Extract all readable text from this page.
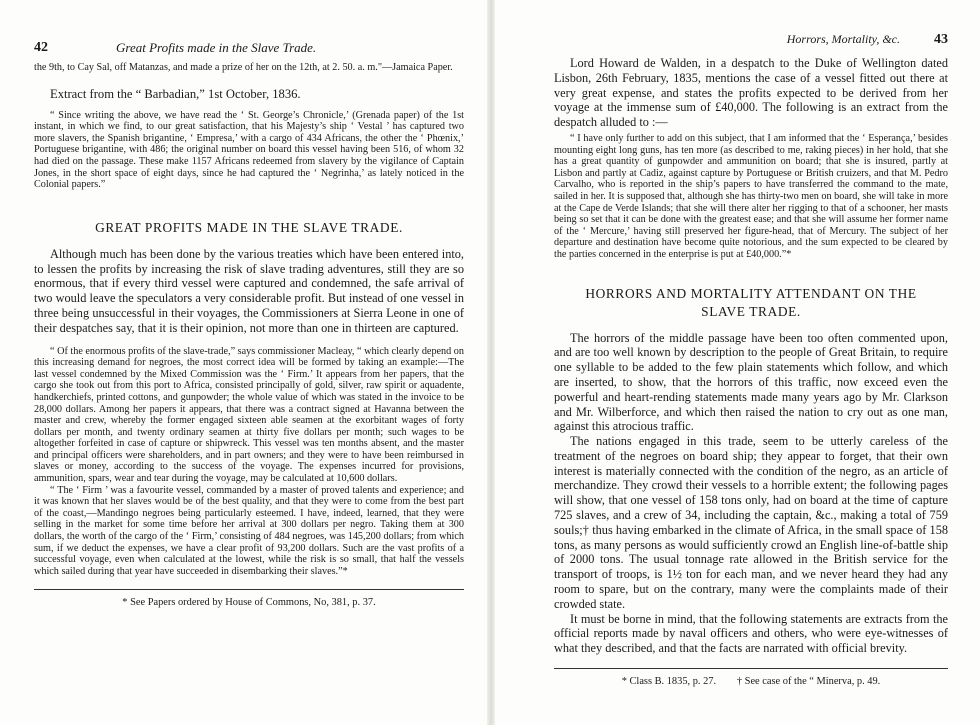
42	Great Profits made in the Slave Trade.

the 9th, to Cay Sal, off Matanzas, and made a prize of her on the 12th, at 2. 50. a. m."—Jamaica Paper.

Extract from the “ Barbadian,” 1st October, 1836.

“ Since writing the above, we have read the ‘ St. George’s Chronicle,’ (Grenada paper) of the 1st instant, in which we find, to our great satisfaction, that his Majesty’s ship ‘ Vestal ’ has captured two more slavers, the Spanish brigantine, ‘ Empresa,’ with a cargo of 434 Africans, the other the ‘ Phœnix,’ Portuguese brigantine, with 486; the original number on board this vessel having been 516, of whom 32 had died on the passage. These make 1157 Africans redeemed from slavery by the vigilance of Captain Jones, in the short space of eight days, since he had captured the ‘ Negrinha,’ as lately noticed in the Colonial papers.”

GREAT PROFITS MADE IN THE SLAVE TRADE.

Although much has been done by the various treaties which have been entered into, to lessen the profits by increasing the risk of slave trading adventures, still they are so enormous, that if every third vessel were captured and condemned, the safe arrival of two would leave the speculators a very considerable profit. But instead of one vessel in three being unsuccessful in their voyages, the Commissioners at Sierra Leone in one of their despatches say, that it is their opinion, not more than one in thirteen are captured.

“ Of the enormous profits of the slave-trade,” says commissioner Macleay, “ which clearly depend on this increasing demand for negroes, the most correct idea will be formed by taking an example:—The last vessel condemned by the Mixed Commission was the ‘ Firm.’ It appears from her papers, that the cargo she took out from this port to Africa, consisted principally of gold, silver, raw spirit or aquadente, handkerchiefs, printed cottons, and gunpowder; the whole value of which was stated in the invoice to be 28,000 dollars. Among her papers it appears, that there was a contract signed at Havanna between the master and crew, whereby the former engaged sixteen able seamen at the exorbitant wages of forty dollars per month, and twenty ordinary seamen at thirty five dollars per month; such wages to be altogether forfeited in case of capture or shipwreck. This vessel was ten months absent, and the master and principal officers were shareholders, and in part owners; and they were to have been reimbursed in slaves or money, according to the success of the voyage. The expenses incurred for provisions, ammunition, spars, wear and tear during the voyage, may be calculated at 10,600 dollars.

“ The ‘ Firm ’ was a favourite vessel, commanded by a master of proved talents and experience; and it was known that her slaves would be of the best quality, and that they were to come from the best part of the coast,—Mandingo negroes being particularly esteemed. I have, indeed, learned, that they were selling in the market for some time before her arrival at 300 dollars per negro. Taking them at 300 dollars, the worth of the cargo of the ‘ Firm,’ consisting of 484 negroes, was 145,200 dollars; from which sum, if we deduct the expenses, we have a clear profit of 93,200 dollars. Such are the vast profits of a successful voyage, even when calculated at the lowest, while the risk is so small, that half the vessels which sailed during that year have succeeded in disembarking their slaves.”*

* See Papers ordered by House of Commons, No, 381, p. 37.

Horrors, Mortality, &c. 43

Lord Howard de Walden, in a despatch to the Duke of Wellington dated Lisbon, 26th February, 1835, mentions the case of a vessel fitted out there at very great expense, and states the profits expected to be derived from her voyage at the immense sum of £40,000. The following is an extract from the despatch alluded to :—

“ I have only further to add on this subject, that I am informed that the ‘ Esperança,’ besides mounting eight long guns, has ten more (as described to me, raking pieces) in her hold, that she has a great quantity of gunpowder and ammunition on board; that she is insured, partly at Lisbon and partly at Cadiz, against capture by Portuguese or British cruizers, and that M. Pedro Carvalho, who is reported in the ship’s papers to have transferred the command to the mate, sailed in her. It is supposed that, although she has thirty-two men on board, she will take in more at the Cape de Verde Islands; that she will there alter her rigging to that of a schooner, her masts being so set that it can be done with the greatest ease; and that she will assume her former name of the ‘ Mercure,’ having still preserved her figure-head, that of Mercury. The subject of her departure and destination have become quite notorious, and the sum expected to be cleared by the parties concerned in the enterprise is put at £40,000.”*

HORRORS AND MORTALITY ATTENDANT ON THE

SLAVE TRADE.

The horrors of the middle passage have been too often commented upon, and are too well known by description to the people of Great Britain, to require one syllable to be added to the few plain statements which follow, and which are inserted, to show, that the horrors of this traffic, now exceed even the powerful and heart-rending statements made many years ago by Mr. Clarkson and Mr. Wilberforce, and which then raised the nation to cry out as one man, against this atrocious traffic.

The nations engaged in this trade, seem to be utterly careless of the treatment of the negroes on board ship; they appear to forget, that their own interest is materially connected with the condition of the negro, as an article of merchandize. They crowd their vessels to a horrible extent; the following pages will show, that one vessel of 158 tons only, had on board at the time of capture 725 slaves, and a crew of 34, including the captain, &c., making a total of 759 souls;† thus having embarked in the climate of Africa, in the small space of 158 tons, as many persons as would sufficiently crowd an English line-of-battle ship of 2000 tons. The usual tonnage rate allowed in the British service for the transport of troops, is 1½ ton for each man, and we never heard they had any room to spare, but on the contrary, many were the complaints made of their crowded state.

It must be borne in mind, that the following statements are extracts from the official reports made by naval officers and others, who were eye-witnesses of what they described, and that the facts are narrated with official brevity.

* Class B. 1835, p. 27.        † See case of the “ Minerva, p. 49.
